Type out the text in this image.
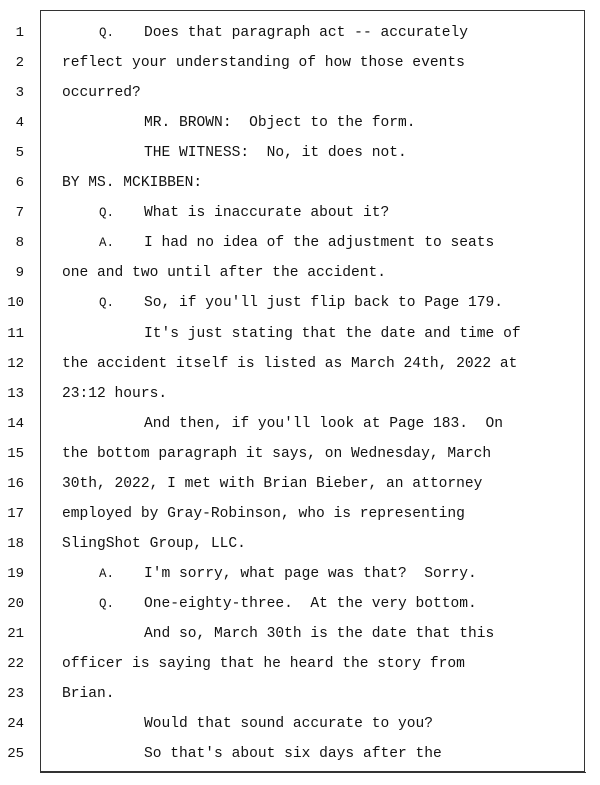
1	Q. Does that paragraph act -- accurately
2	reflect your understanding of how those events
3	occurred?
4	MR. BROWN:  Object to the form.
5	THE WITNESS:  No, it does not.
6	BY MS. MCKIBBEN:
7	Q. What is inaccurate about it?
8	A. I had no idea of the adjustment to seats
9	one and two until after the accident.
10	Q. So, if you'll just flip back to Page 179.
11	It's just stating that the date and time of
12	the accident itself is listed as March 24th, 2022 at
13	23:12 hours.
14	And then, if you'll look at Page 183.  On
15	the bottom paragraph it says, on Wednesday, March
16	30th, 2022, I met with Brian Bieber, an attorney
17	employed by Gray-Robinson, who is representing
18	SlingShot Group, LLC.
19	A. I'm sorry, what page was that?  Sorry.
20	Q. One-eighty-three.  At the very bottom.
21	And so, March 30th is the date that this
22	officer is saying that he heard the story from
23	Brian.
24	Would that sound accurate to you?
25	So that's about six days after the
